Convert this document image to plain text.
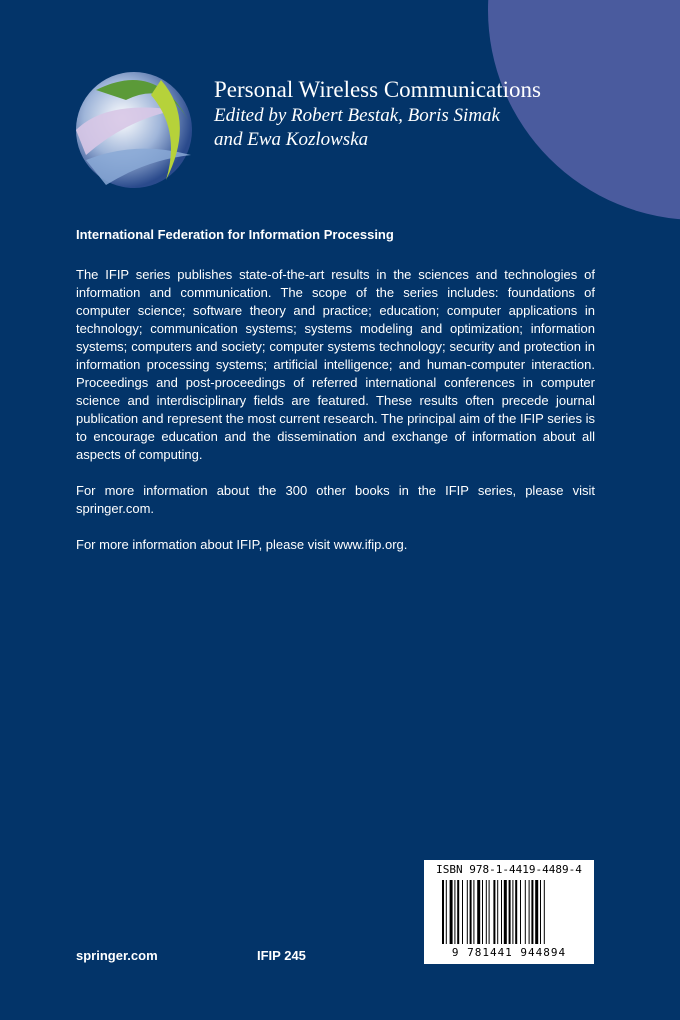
Personal Wireless Communications

Edited by Robert Bestak, Boris Simak

and Ewa Kozlowska

International Federation for Information Processing

The IFIP series publishes state-of-the-art results in the sciences and technologies of information and communication. The scope of the series includes: foundations of computer science; software theory and practice; education; computer applications in technology; communication systems; systems modeling and optimization; information systems; computers and society; computer systems technology; security and protection in information processing systems; artificial intelligence; and human-computer interaction. Proceedings and post-proceedings of referred international conferences in computer science and interdisciplinary fields are featured. These results often precede journal publication and represent the most current research. The principal aim of the IFIP series is to encourage education and the dissemination and exchange of information about all aspects of computing.

For more information about the 300 other books in the IFIP series, please visit springer.com.

For more information about IFIP, please visit www.ifip.org.

springer.com	IFIP 245
ISBN 978-1-4419-4489-4
9 781441 944894
